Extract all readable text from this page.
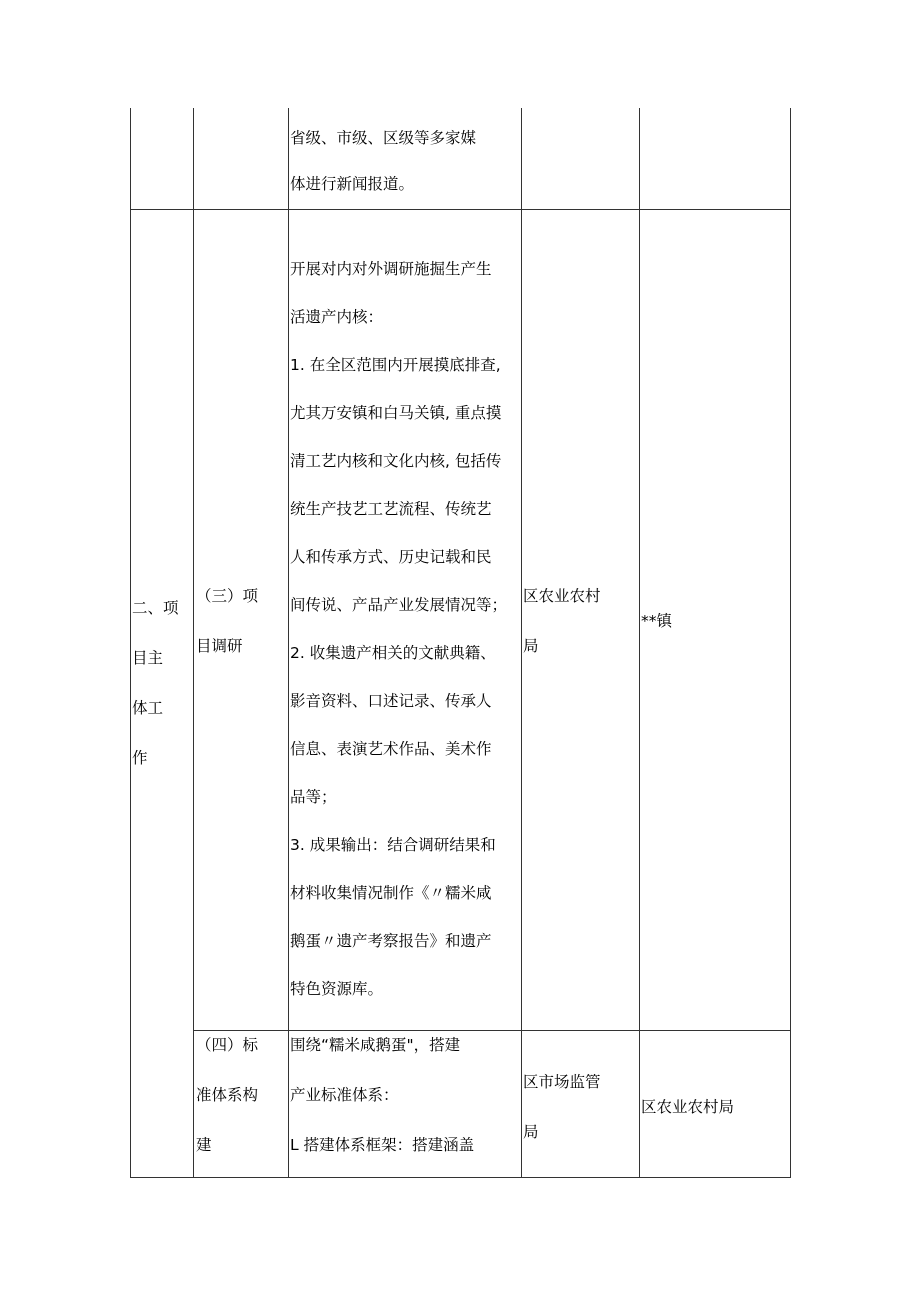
省级、市级、区级等多家媒
体进行新闻报道。
二、项
目主
体工
作
（三）项
目调研
开展对内对外调研施掘生产生
活遗产内核：
1. 在全区范围内开展摸底排查,
尤其万安镇和白马关镇, 重点摸
清工艺内核和文化内核, 包括传
统生产技艺工艺流程、传统艺
人和传承方式、历史记载和民
间传说、产品产业发展情况等；
2. 收集遗产相关的文献典籍、
影音资料、口述记录、传承人
信息、表演艺术作品、美术作
品等；
3. 成果输出：结合调研结果和
材料收集情况制作《〃糯米咸
鹅蛋〃遗产考察报告》和遗产
特色资源库。
区农业农村
局
**镇
（四）标
准体系构
建
围绕“糯米咸鹅蛋"，搭建
产业标准体系：
L 搭建体系框架：搭建涵盖
区市场监管
局
区农业农村局
